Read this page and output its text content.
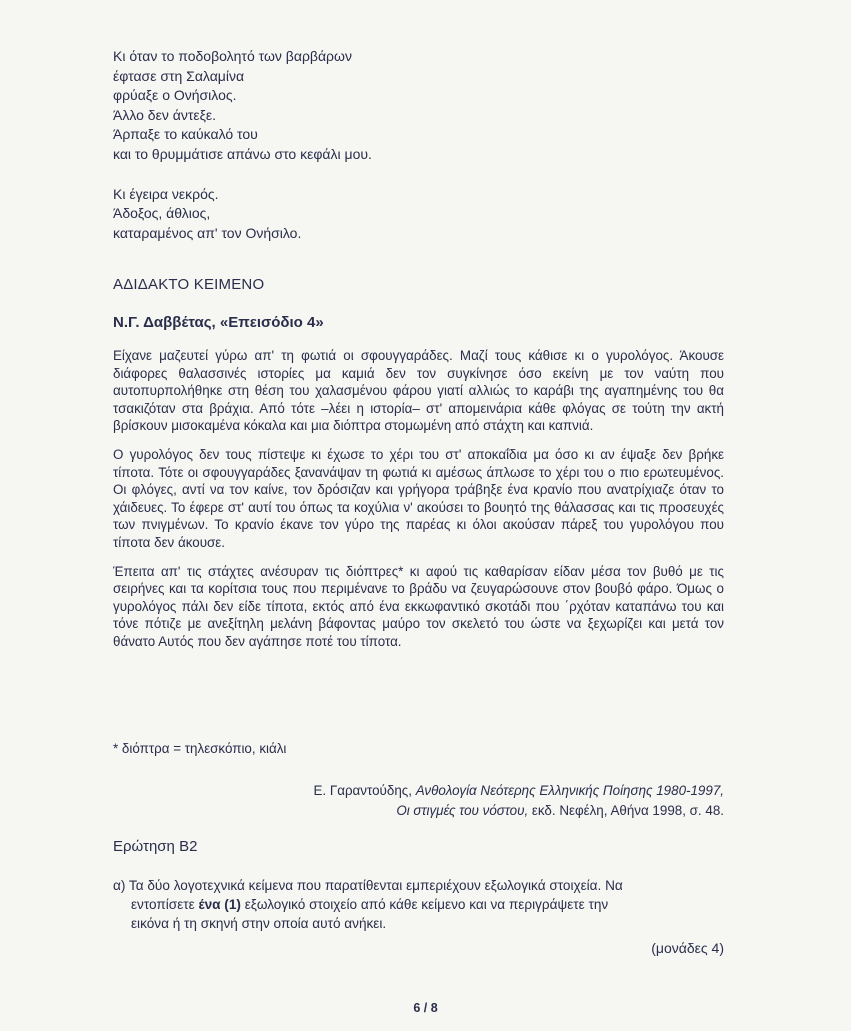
Κι όταν το ποδοβολητό των βαρβάρων
έφτασε στη Σαλαμίνα
φρύαξε ο Ονήσιλος.
Άλλο δεν άντεξε.
Άρπαξε το καύκαλό του
και το θρυμμάτισε απάνω στο κεφάλι μου.
Κι έγειρα νεκρός.
Άδοξος, άθλιος,
καταραμένος απ' τον Ονήσιλο.
ΑΔΙΔΑΚΤΟ ΚΕΙΜΕΝΟ
Ν.Γ. Δαββέτας, «Επεισόδιο 4»

Είχανε μαζευτεί γύρω απ' τη φωτιά οι σφουγγαράδες. Μαζί τους κάθισε κι ο γυρολόγος. Άκουσε διάφορες θαλασσινές ιστορίες μα καμιά δεν τον συγκίνησε όσο εκείνη με τον ναύτη που αυτοπυρπολήθηκε στη θέση του χαλασμένου φάρου γιατί αλλιώς το καράβι της αγαπημένης του θα τσακιζόταν στα βράχια. Από τότε –λέει η ιστορία– στ' απομεινάρια κάθε φλόγας σε τούτη την ακτή βρίσκουν μισοκαμένα κόκαλα και μια διόπτρα στομωμένη από στάχτη και καπνιά.

Ο γυρολόγος δεν τους πίστεψε κι έχωσε το χέρι του στ' αποκαΐδια μα όσο κι αν έψαξε δεν βρήκε τίποτα. Τότε οι σφουγγαράδες ξανανάψαν τη φωτιά κι αμέσως άπλωσε το χέρι του ο πιο ερωτευμένος. Οι φλόγες, αντί να τον καίνε, τον δρόσιζαν και γρήγορα τράβηξε ένα κρανίο που ανατρίχιαζε όταν το χάιδευες. Το έφερε στ' αυτί του όπως τα κοχύλια ν' ακούσει το βουητό της θάλασσας και τις προσευχές των πνιγμένων. Το κρανίο έκανε τον γύρο της παρέας κι όλοι ακούσαν πάρεξ του γυρολόγου που τίποτα δεν άκουσε.

Έπειτα απ' τις στάχτες ανέσυραν τις διόπτρες* κι αφού τις καθαρίσαν είδαν μέσα τον βυθό με τις σειρήνες και τα κορίτσια τους που περιμένανε το βράδυ να ζευγαρώσουνε στον βουβό φάρο. Όμως ο γυρολόγος πάλι δεν είδε τίποτα, εκτός από ένα εκκωφαντικό σκοτάδι που ΄ρχόταν καταπάνω του και τόνε πότιζε με ανεξίτηλη μελάνη βάφοντας μαύρο τον σκελετό του ώστε να ξεχωρίζει και μετά τον θάνατο Αυτός που δεν αγάπησε ποτέ του τίποτα.

* διόπτρα = τηλεσκόπιο, κιάλι
Ε. Γαραντούδης, Ανθολογία Νεότερης Ελληνικής Ποίησης 1980-1997,
Οι στιγμές του νόστου, εκδ. Νεφέλη, Αθήνα 1998, σ. 48.
Ερώτηση Β2
α) Τα δύο λογοτεχνικά κείμενα που παρατίθενται εμπεριέχουν εξωλογικά στοιχεία. Να
εντοπίσετε ένα (1) εξωλογικό στοιχείο από κάθε κείμενο και να περιγράψετε την
εικόνα ή τη σκηνή στην οποία αυτό ανήκει.
(μονάδες 4)
6 / 8
